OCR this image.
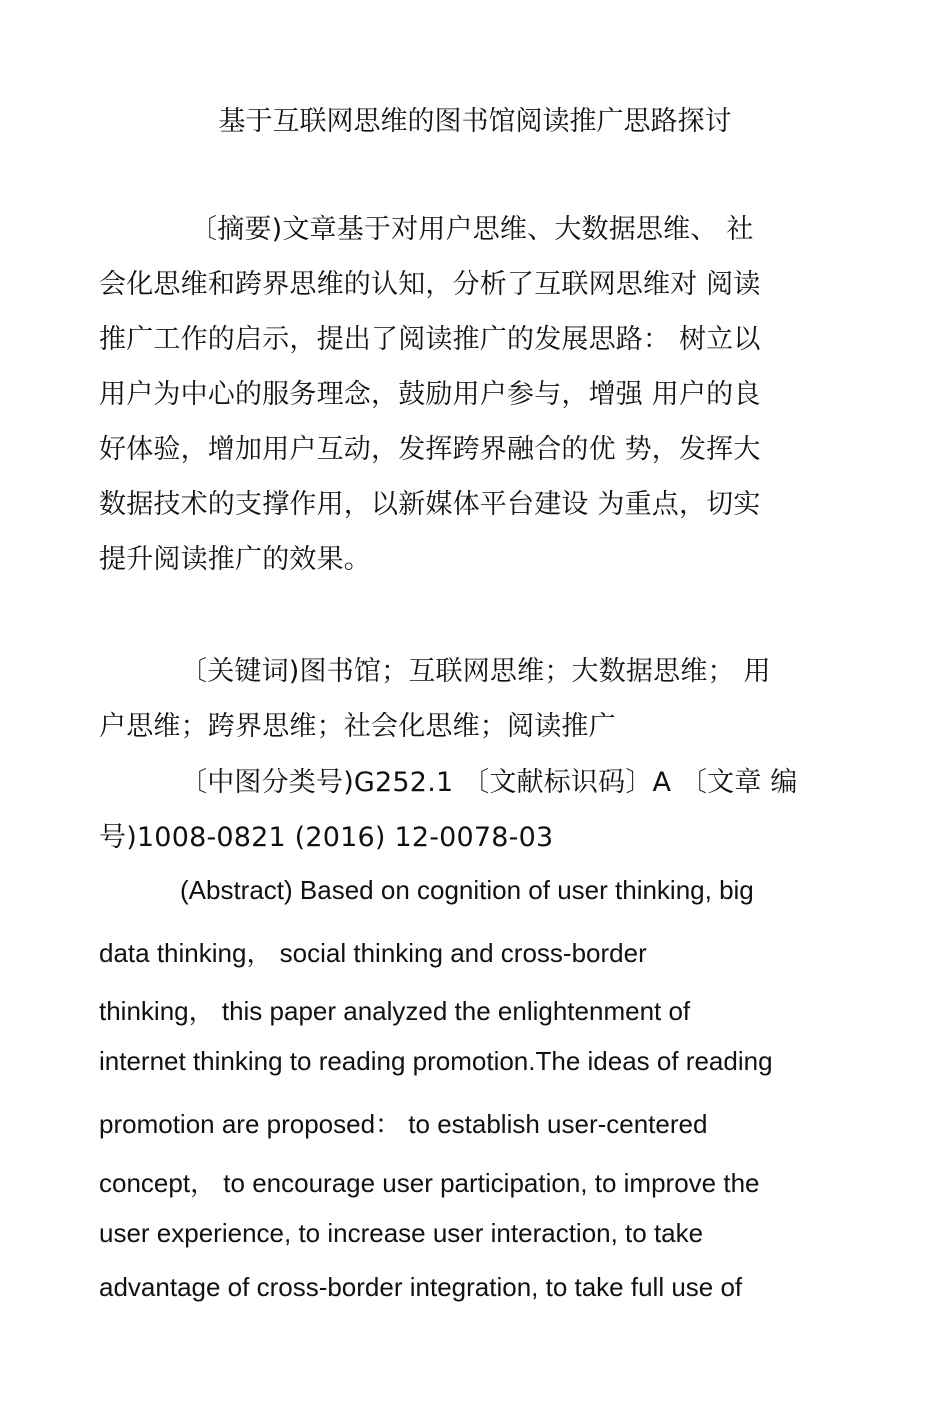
基于互联网思维的图书馆阅读推广思路探讨
〔摘要)文章基于对用户思维、大数据思维、 社
会化思维和跨界思维的认知，分析了互联网思维对 阅读
推广工作的启示，提出了阅读推广的发展思路： 树立以
用户为中心的服务理念，鼓励用户参与，增强 用户的良
好体验，增加用户互动，发挥跨界融合的优 势，发挥大
数据技术的支撑作用，以新媒体平台建设 为重点，切实
提升阅读推广的效果。
〔关键词)图书馆；互联网思维；大数据思维； 用
户思维；跨界思维；社会化思维；阅读推广
〔中图分类号)G252.1 〔文献标识码〕A 〔文章 编
号)1008-0821 (2016) 12-0078-03
(Abstract) Based on cognition of user thinking, big
data thinking， social thinking and cross-border
thinking， this paper analyzed the enlightenment of
internet thinking to reading promotion.The ideas of reading
promotion are proposed： to establish user-centered
concept， to encourage user participation, to improve the
user experience, to increase user interaction, to take
advantage of cross-border integration, to take full use of
